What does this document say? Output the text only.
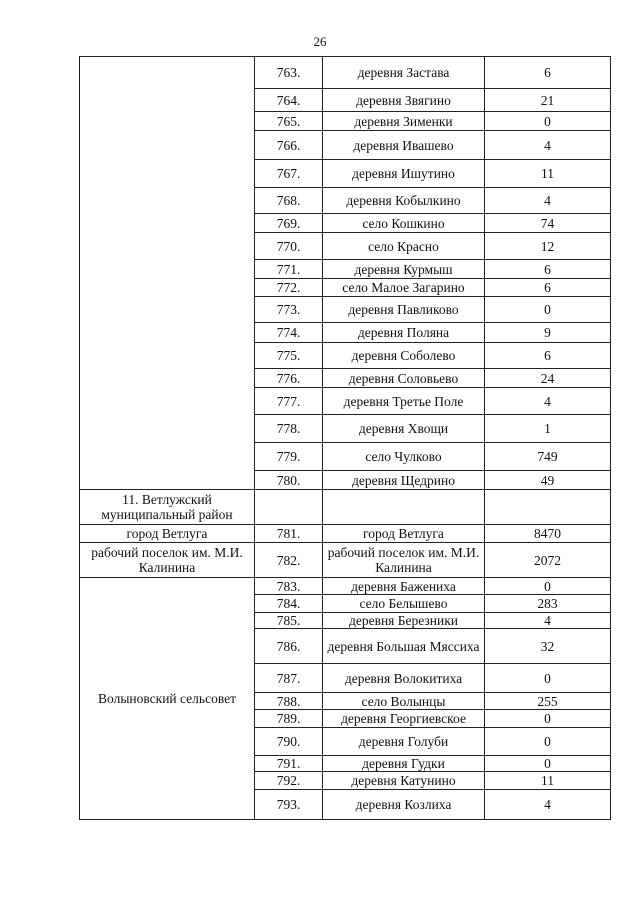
26
	763.	деревня Застава	6
	764.	деревня Звягино	21
	765.	деревня Зименки	0
	766.	деревня Ивашево	4
	767.	деревня Ишутино	11
	768.	деревня Кобылкино	4
	769.	село Кошкино	74
	770.	село Красно	12
	771.	деревня Курмыш	6
	772.	село Малое Загарино	6
	773.	деревня Павликово	0
	774.	деревня Поляна	9
	775.	деревня Соболево	6
	776.	деревня Соловьево	24
	777.	деревня Третье Поле	4
	778.	деревня Хвощи	1
	779.	село Чулково	749
	780.	деревня Щедрино	49
11. Ветлужский муниципальный район			
город Ветлуга	781.	город Ветлуга	8470
рабочий поселок им. М.И. Калинина	782.	рабочий поселок им. М.И. Калинина	2072
Волыновский сельсовет	783.	деревня Бажениха	0
	784.	село Белышево	283
	785.	деревня Березники	4
	786.	деревня Большая Мяссиха	32
	787.	деревня Волокитиха	0
	788.	село Волынцы	255
	789.	деревня Георгиевское	0
	790.	деревня Голуби	0
	791.	деревня Гудки	0
	792.	деревня Катунино	11
	793.	деревня Козлиха	4
